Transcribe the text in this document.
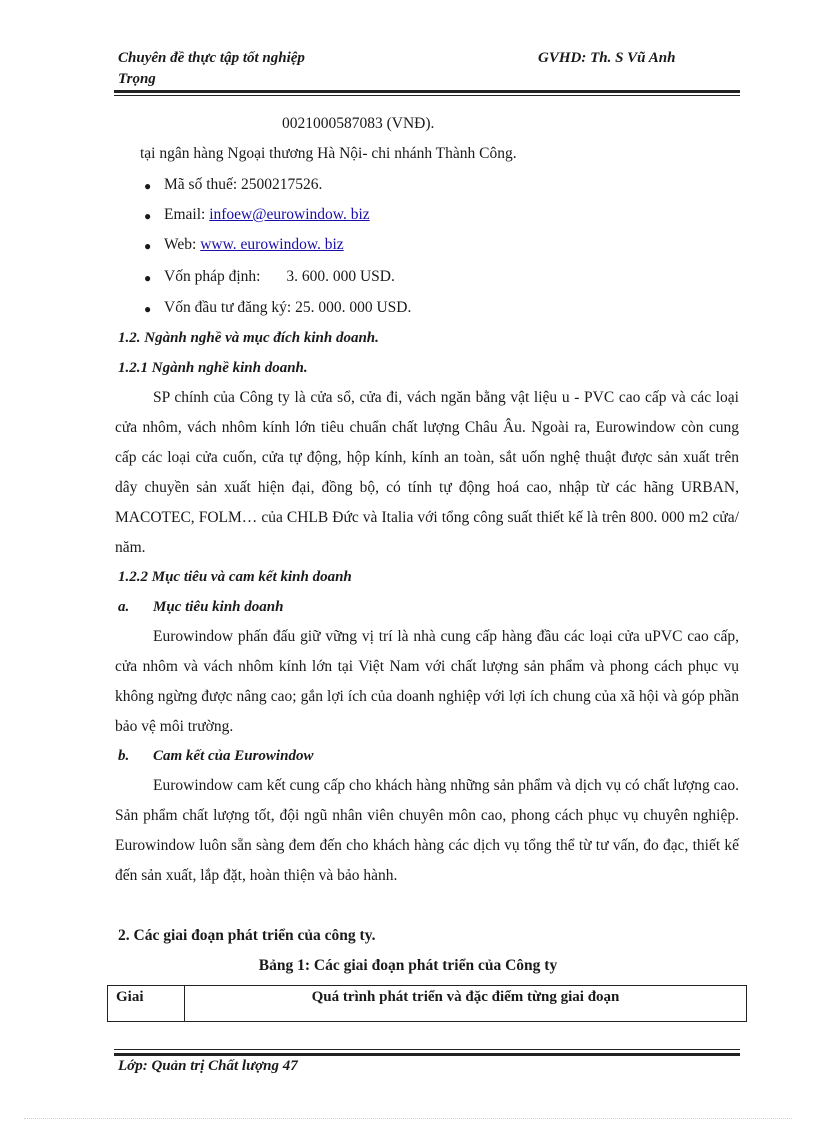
Chuyên đề thực tập tốt nghiệp
Trọng
GVHD: Th. S Vũ Anh
0021000587083 (VNĐ).
tại ngân hàng Ngoại thương Hà Nội- chi nhánh Thành Công.
● Mã số thuế: 2500217526.
● Email: infoew@eurowindow. biz
● Web: www. eurowindow. biz
● Vốn pháp định: 3. 600. 000 USD.
● Vốn đầu tư đăng ký: 25. 000. 000 USD.
1.2. Ngành nghề và mục đích kinh doanh.
1.2.1 Ngành nghề kinh doanh.
SP chính của Công ty là cửa sổ, cửa đi, vách ngăn bằng vật liệu u - PVC cao cấp và các loại cửa nhôm, vách nhôm kính lớn tiêu chuẩn chất lượng Châu Âu. Ngoài ra, Eurowindow còn cung cấp các loại cửa cuốn, cửa tự động, hộp kính, kính an toàn, sắt uốn nghệ thuật được sản xuất trên dây chuyền sản xuất hiện đại, đồng bộ, có tính tự động hoá cao, nhập từ các hãng URBAN, MACOTEC, FOLM… của CHLB Đức và Italia với tổng công suất thiết kế là trên 800. 000 m2 cửa/ năm.
1.2.2 Mục tiêu và cam kết kinh doanh
a. Mục tiêu kinh doanh
Eurowindow phấn đấu giữ vững vị trí là nhà cung cấp hàng đầu các loại cửa uPVC cao cấp, cửa nhôm và vách nhôm kính lớn tại Việt Nam với chất lượng sản phẩm và phong cách phục vụ không ngừng được nâng cao; gắn lợi ích của doanh nghiệp với lợi ích chung của xã hội và góp phần bảo vệ môi trường.
b. Cam kết của Eurowindow
Eurowindow cam kết cung cấp cho khách hàng những sản phẩm và dịch vụ có chất lượng cao. Sản phẩm chất lượng tốt, đội ngũ nhân viên chuyên môn cao, phong cách phục vụ chuyên nghiệp. Eurowindow luôn sẵn sàng đem đến cho khách hàng các dịch vụ tổng thể từ tư vấn, đo đạc, thiết kế đến sản xuất, lắp đặt, hoàn thiện và bảo hành.
2. Các giai đoạn phát triển của công ty.
Bảng 1: Các giai đoạn phát triển của Công ty
Giai	Quá trình phát triển và đặc điểm từng giai đoạn
Lớp: Quản trị Chất lượng 47
